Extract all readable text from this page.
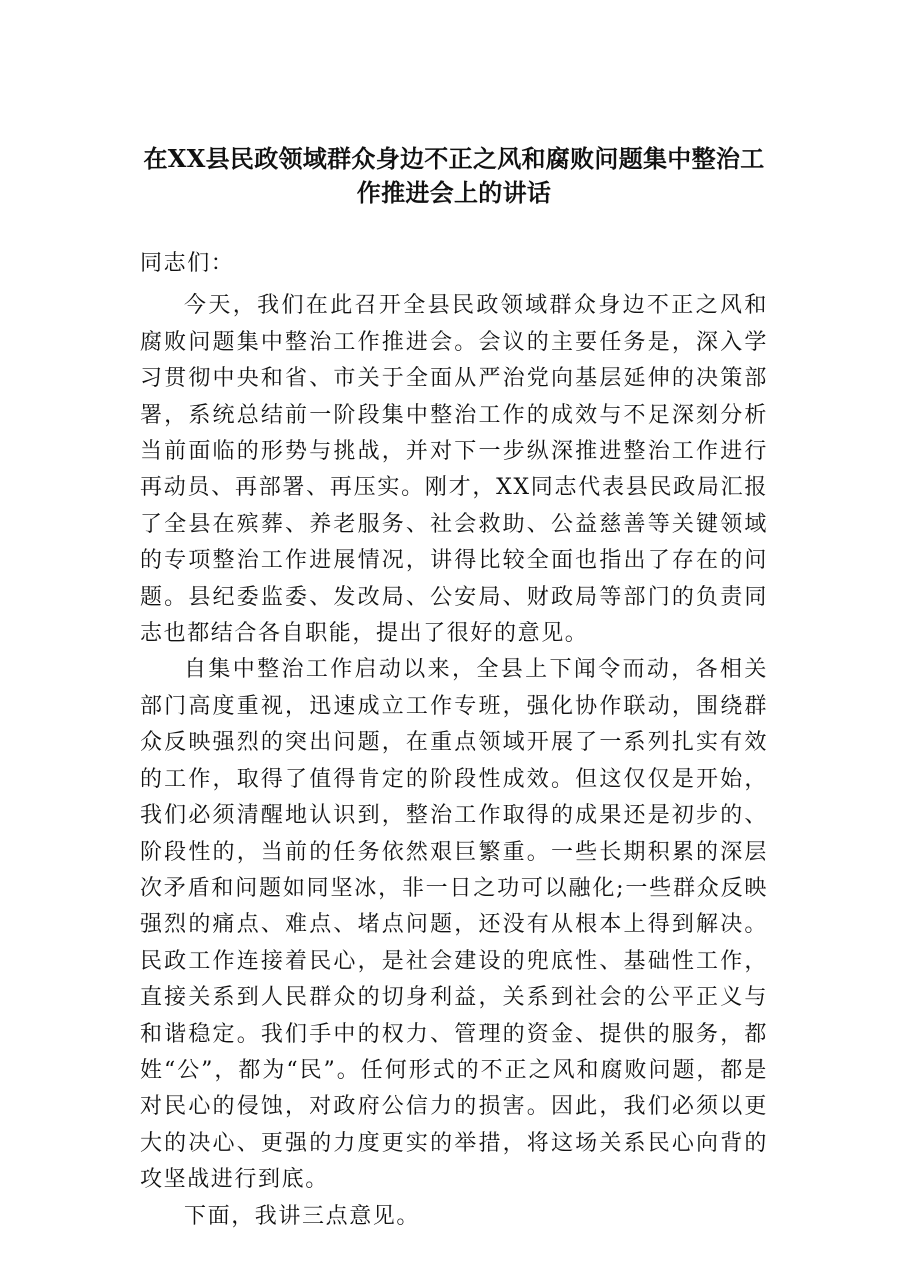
在XX县民政领域群众身边不正之风和腐败问题集中整治工作推进会上的讲话

同志们：

今天，我们在此召开全县民政领域群众身边不正之风和腐败问题集中整治工作推进会。会议的主要任务是，深入学习贯彻中央和省、市关于全面从严治党向基层延伸的决策部署，系统总结前一阶段集中整治工作的成效与不足深刻分析当前面临的形势与挑战，并对下一步纵深推进整治工作进行再动员、再部署、再压实。刚才，XX同志代表县民政局汇报了全县在殡葬、养老服务、社会救助、公益慈善等关键领域的专项整治工作进展情况，讲得比较全面也指出了存在的问题。县纪委监委、发改局、公安局、财政局等部门的负责同志也都结合各自职能，提出了很好的意见。

自集中整治工作启动以来，全县上下闻令而动，各相关部门高度重视，迅速成立工作专班，强化协作联动，围绕群众反映强烈的突出问题，在重点领域开展了一系列扎实有效的工作，取得了值得肯定的阶段性成效。但这仅仅是开始，我们必须清醒地认识到，整治工作取得的成果还是初步的、阶段性的，当前的任务依然艰巨繁重。一些长期积累的深层次矛盾和问题如同坚冰，非一日之功可以融化;一些群众反映强烈的痛点、难点、堵点问题，还没有从根本上得到解决。民政工作连接着民心，是社会建设的兜底性、基础性工作，直接关系到人民群众的切身利益，关系到社会的公平正义与和谐稳定。我们手中的权力、管理的资金、提供的服务，都姓“公”，都为“民”。任何形式的不正之风和腐败问题，都是对民心的侵蚀，对政府公信力的损害。因此，我们必须以更大的决心、更强的力度更实的举措，将这场关系民心向背的攻坚战进行到底。

下面，我讲三点意见。
